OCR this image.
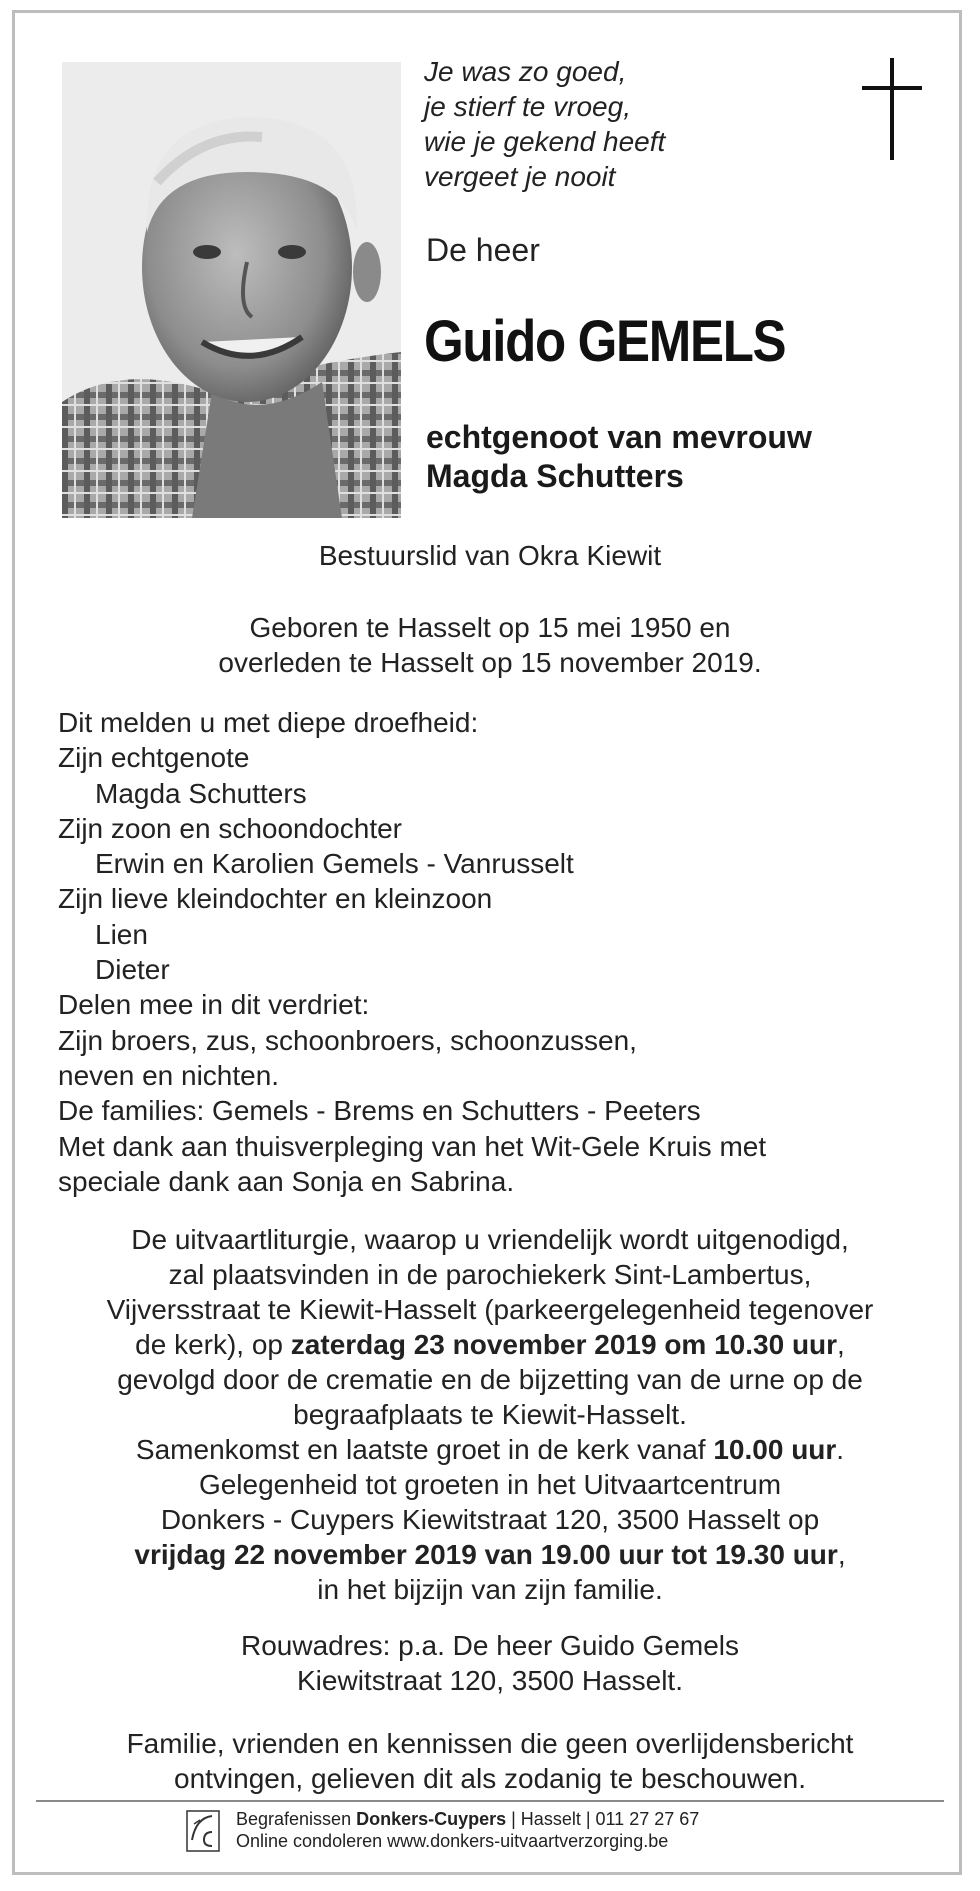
Je was zo goed,
je stierf te vroeg,
wie je gekend heeft
vergeet je nooit
De heer
Guido GEMELS
echtgenoot van mevrouw
Magda Schutters
Bestuurslid van Okra Kiewit
Geboren te Hasselt op 15 mei 1950 en
overleden te Hasselt op 15 november 2019.
Dit melden u met diepe droefheid:
Zijn echtgenote
Magda Schutters
Zijn zoon en schoondochter
Erwin en Karolien Gemels - Vanrusselt
Zijn lieve kleindochter en kleinzoon
Lien
Dieter
Delen mee in dit verdriet:
Zijn broers, zus, schoonbroers, schoonzussen,
neven en nichten.
De families: Gemels - Brems en Schutters - Peeters
Met dank aan thuisverpleging van het Wit-Gele Kruis met
speciale dank aan Sonja en Sabrina.
De uitvaartliturgie, waarop u vriendelijk wordt uitgenodigd,
zal plaatsvinden in de parochiekerk Sint-Lambertus,
Vijversstraat te Kiewit-Hasselt (parkeergelegenheid tegenover
de kerk), op zaterdag 23 november 2019 om 10.30 uur,
gevolgd door de crematie en de bijzetting van de urne op de
begraafplaats te Kiewit-Hasselt.
Samenkomst en laatste groet in de kerk vanaf 10.00 uur.
Gelegenheid tot groeten in het Uitvaartcentrum
Donkers - Cuypers Kiewitstraat 120, 3500 Hasselt op
vrijdag 22 november 2019 van 19.00 uur tot 19.30 uur,
in het bijzijn van zijn familie.
Rouwadres: p.a. De heer Guido Gemels
Kiewitstraat 120, 3500 Hasselt.
Familie, vrienden en kennissen die geen overlijdensbericht
ontvingen, gelieven dit als zodanig te beschouwen.
Begrafenissen Donkers-Cuypers | Hasselt | 011 27 27 67
Online condoleren www.donkers-uitvaartverzorging.be
